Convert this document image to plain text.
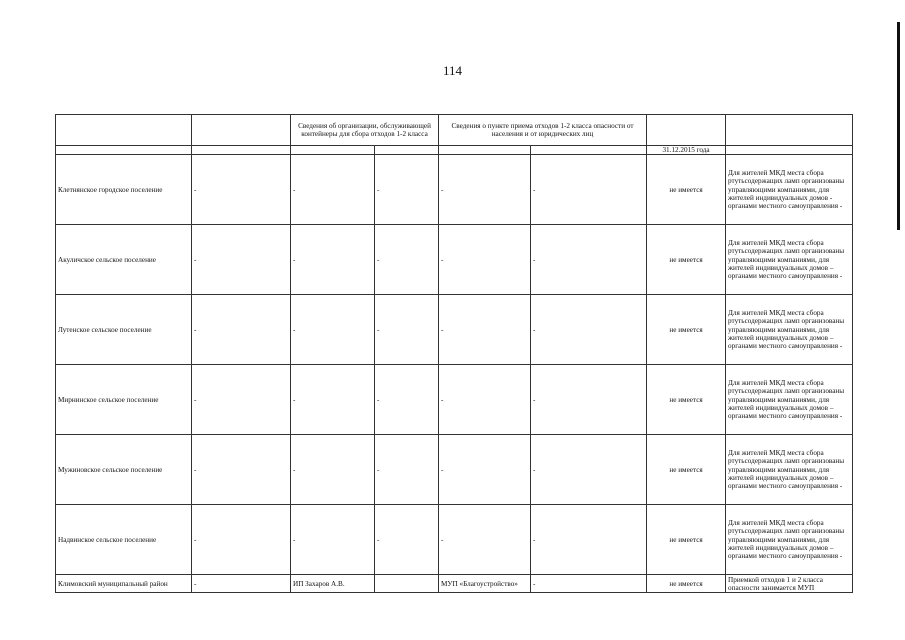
114

		Сведения об организации, обслуживающей контейнеры для сбора отходов 1-2 класса		Сведения о пункте приема отходов 1-2 класса опасности от населения и от юридических лиц			

						31.12.2015 года	
Клетнянское городское поселение	-	-	-	-	-	не имеется	Для жителей МКД места сбора ртутьсодержащих ламп организованы управляющими компаниями, для жителей индивидуальных домов - органами местного самоуправления -
Акуличское сельское поселение	-	-	-	-	-	не имеется	Для жителей МКД места сбора ртутьсодержащих ламп организованы управляющими компаниями, для жителей индивидуальных домов – органами местного самоуправления -
Лутенское сельское поселение	-	-	-	-	-	не имеется	Для жителей МКД места сбора ртутьсодержащих ламп организованы управляющими компаниями, для жителей индивидуальных домов – органами местного самоуправления -
Мирнинское сельское поселение	-	-	-	-	-	не имеется	Для жителей МКД места сбора ртутьсодержащих ламп организованы управляющими компаниями, для жителей индивидуальных домов – органами местного самоуправления -
Мужиновское сельское поселение	-	-	-	-	-	не имеется	Для жителей МКД места сбора ртутьсодержащих ламп организованы управляющими компаниями, для жителей индивидуальных домов – органами местного самоуправления -
Надвинское сельское поселение	-	-	-	-	-	не имеется	Для жителей МКД места сбора ртутьсодержащих ламп организованы управляющими компаниями, для жителей индивидуальных домов – органами местного самоуправления -
Климовский муниципальный район	-	ИП Захаров А.В.		МУП «Благоустройство»	-	не имеется	Приемкой отходов 1 и 2 класса опасности занимается МУП
